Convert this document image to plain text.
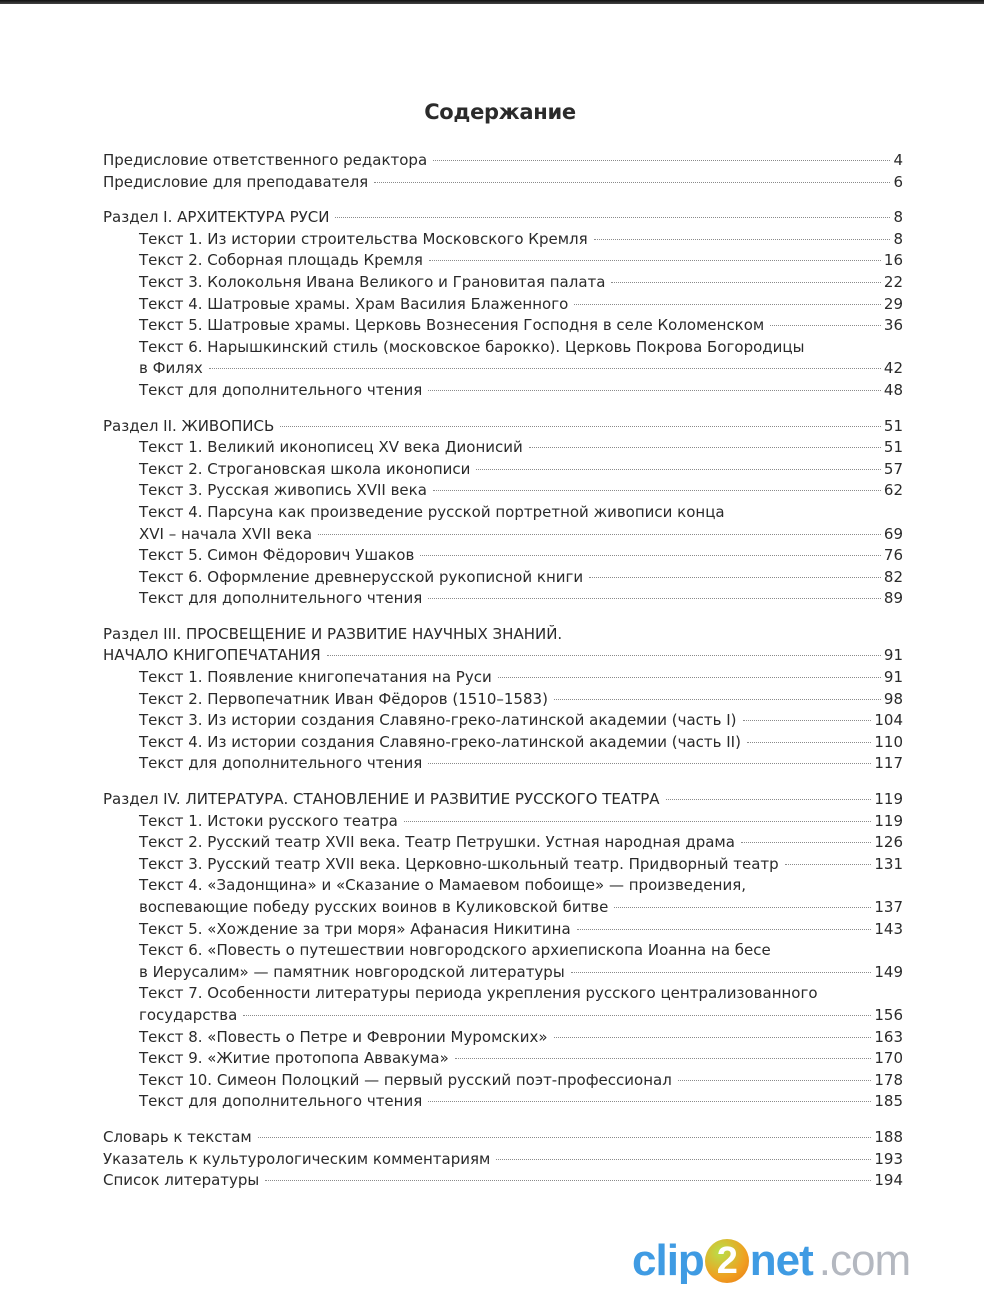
Содержание
Предисловие ответственного редактора	4
Предисловие для преподавателя	6
Раздел I. АРХИТЕКТУРА РУСИ	8
Текст 1. Из истории строительства Московского Кремля	8
Текст 2. Соборная площадь Кремля	16
Текст 3. Колокольня Ивана Великого и Грановитая палата	22
Текст 4. Шатровые храмы. Храм Василия Блаженного	29
Текст 5. Шатровые храмы. Церковь Вознесения Господня в селе Коломенском	36
Текст 6. Нарышкинский стиль (московское барокко). Церковь Покрова Богородицы
в Филях	42
Текст для дополнительного чтения	48
Раздел II. ЖИВОПИСЬ	51
Текст 1. Великий иконописец XV века Дионисий	51
Текст 2. Строгановская школа иконописи	57
Текст 3. Русская живопись XVII века	62
Текст 4. Парсуна как произведение русской портретной живописи конца
XVI – начала XVII века	69
Текст 5. Симон Фёдорович Ушаков	76
Текст 6. Оформление древнерусской рукописной книги	82
Текст для дополнительного чтения	89
Раздел III. ПРОСВЕЩЕНИЕ И РАЗВИТИЕ НАУЧНЫХ ЗНАНИЙ.
НАЧАЛО КНИГОПЕЧАТАНИЯ	91
Текст 1. Появление книгопечатания на Руси	91
Текст 2. Первопечатник Иван Фёдоров (1510–1583)	98
Текст 3. Из истории создания Славяно-греко-латинской академии (часть I)	104
Текст 4. Из истории создания Славяно-греко-латинской академии (часть II)	110
Текст для дополнительного чтения	117
Раздел IV. ЛИТЕРАТУРА. СТАНОВЛЕНИЕ И РАЗВИТИЕ РУССКОГО ТЕАТРА	119
Текст 1. Истоки русского театра	119
Текст 2. Русский театр XVII века. Театр Петрушки. Устная народная драма	126
Текст 3. Русский театр XVII века. Церковно-школьный театр. Придворный театр	131
Текст 4. «Задонщина» и «Сказание о Мамаевом побоище» — произведения,
воспевающие победу русских воинов в Куликовской битве	137
Текст 5. «Хождение за три моря» Афанасия Никитина	143
Текст 6. «Повесть о путешествии новгородского архиепископа Иоанна на бесе
в Иерусалим» — памятник новгородской литературы	149
Текст 7. Особенности литературы периода укрепления русского централизованного
государства	156
Текст 8. «Повесть о Петре и Февронии Муромских»	163
Текст 9. «Житие протопопа Аввакума»	170
Текст 10. Симеон Полоцкий — первый русский поэт-профессионал	178
Текст для дополнительного чтения	185
Словарь к текстам	188
Указатель к культурологическим комментариям	193
Список литературы	194
clip 2 net .com
